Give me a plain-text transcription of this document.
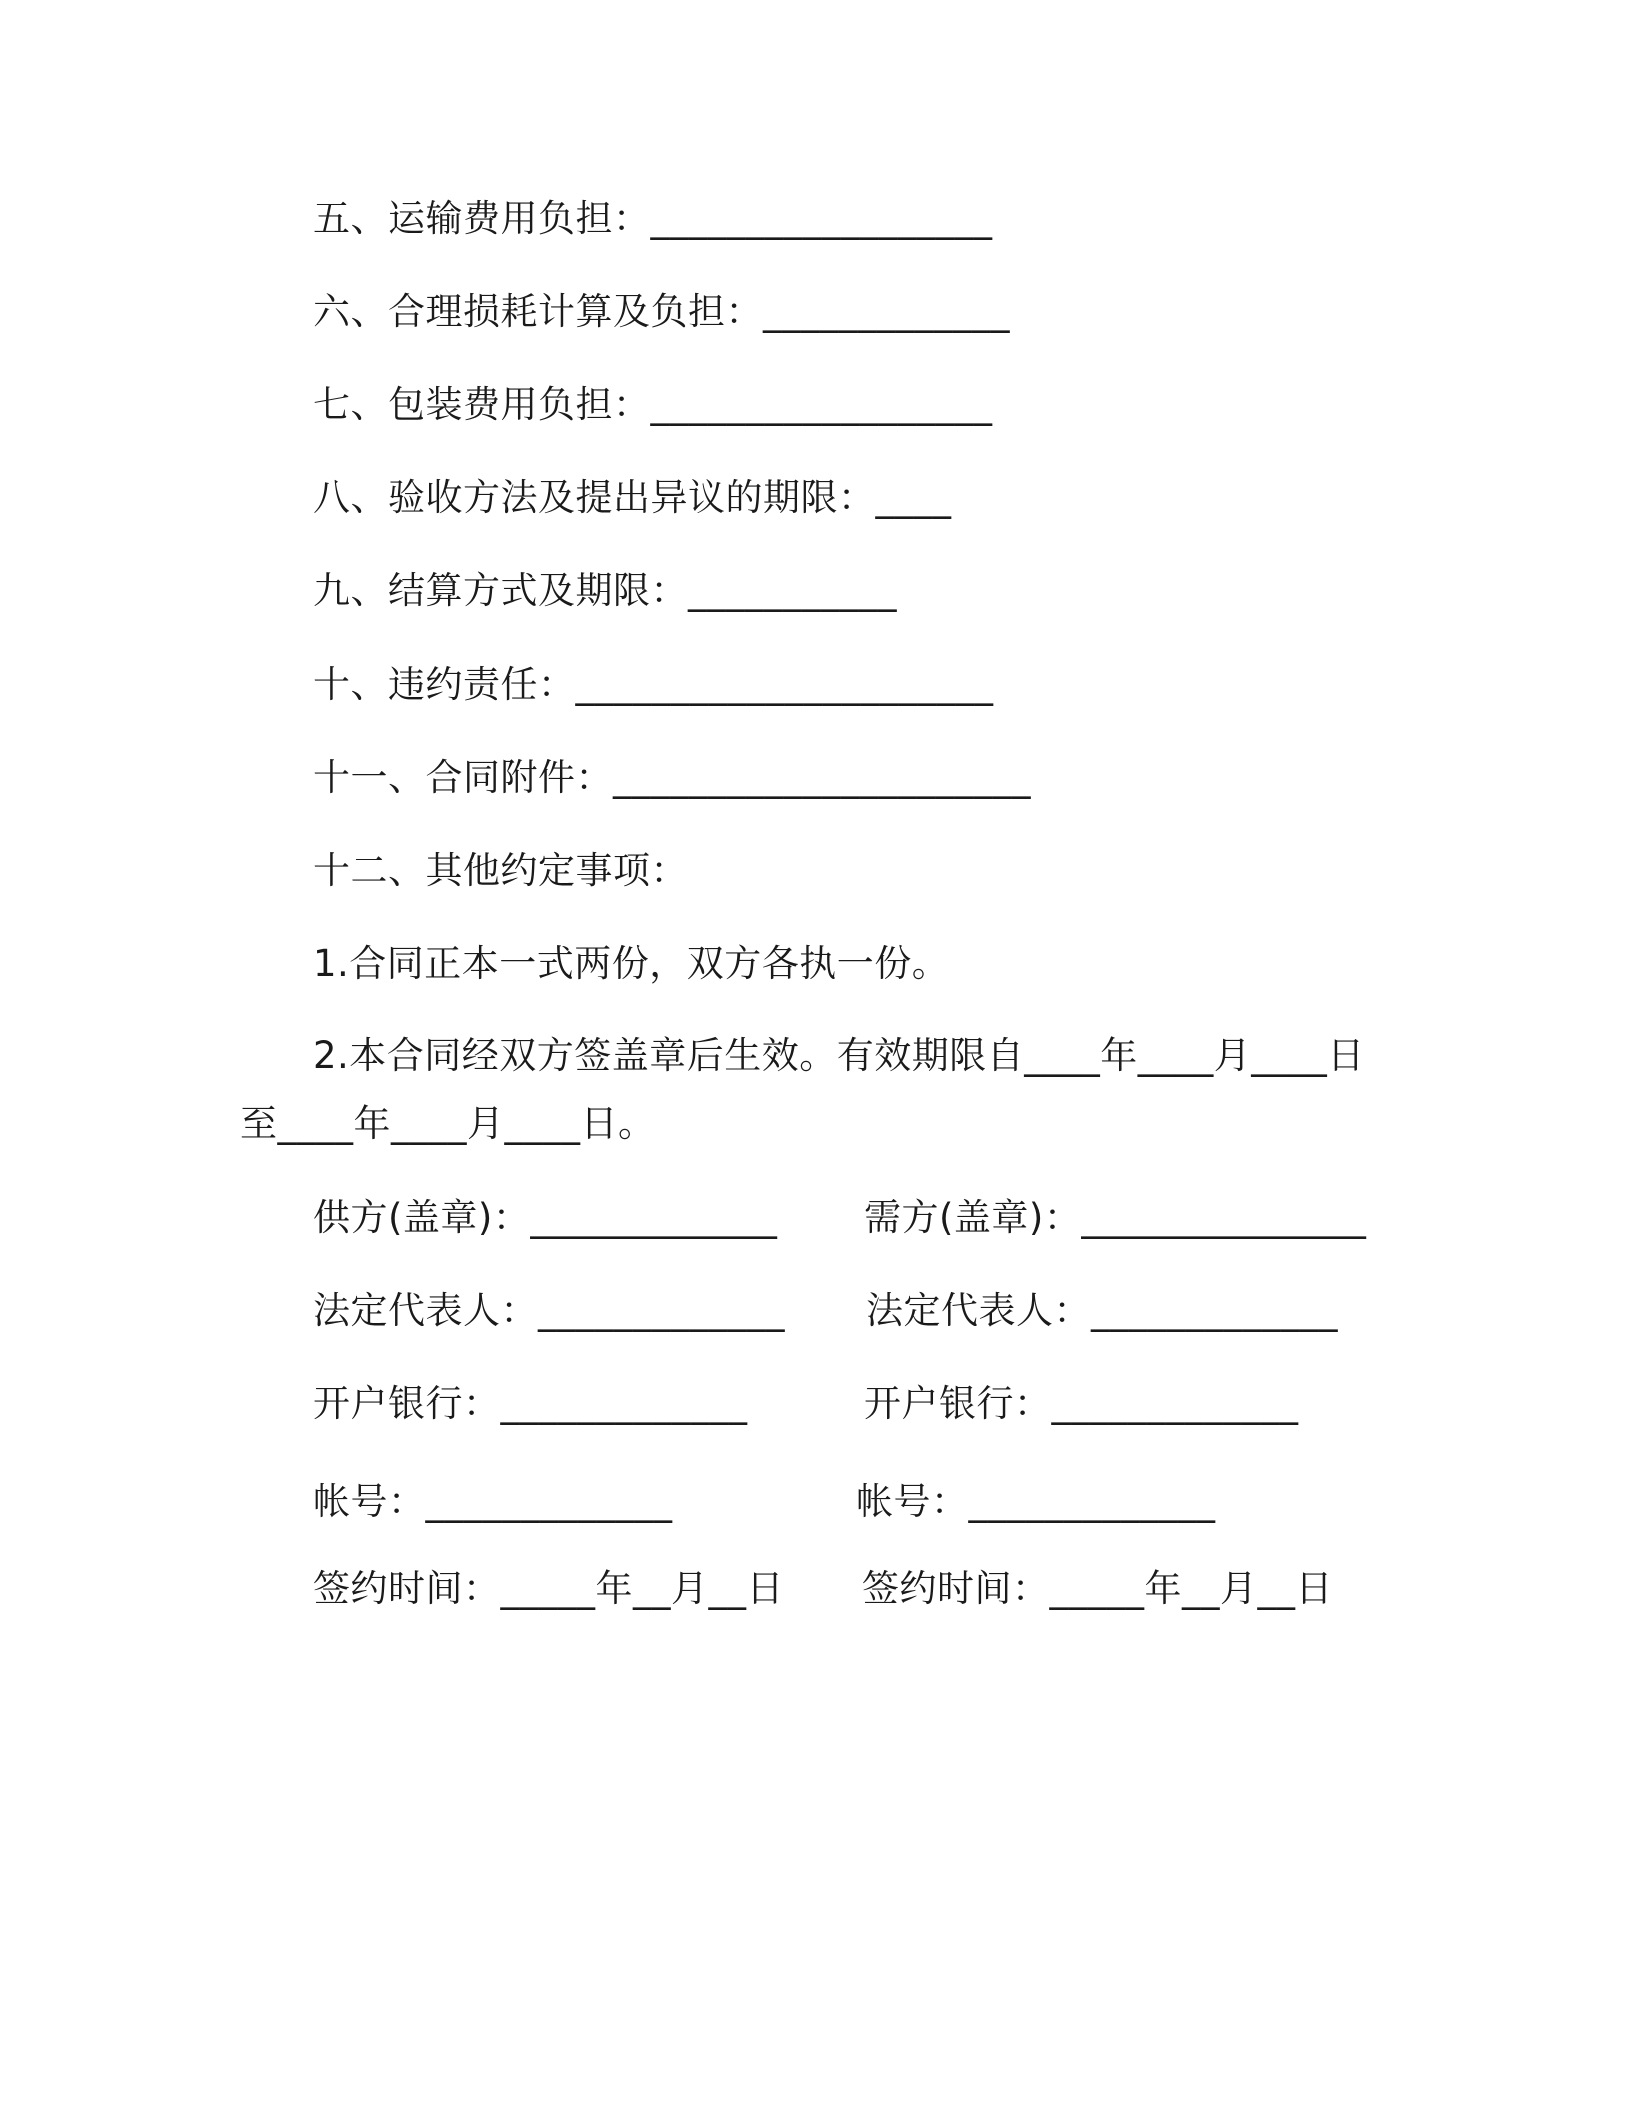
五、运输费用负担：__________________
六、合理损耗计算及负担：_____________
七、包装费用负担：__________________
八、验收方法及提出异议的期限：____
九、结算方式及期限：___________
十、违约责任：______________________
十一、合同附件：______________________
十二、其他约定事项：
1.合同正本一式两份，双方各执一份。
2.本合同经双方签盖章后生效。有效期限自____年____月____日至____年____月____日。
供方(盖章)：_____________
法定代表人：_____________
开户银行：_____________
帐号：_____________
签约时间：_____年__月__日
需方(盖章)：_______________
法定代表人：_____________
开户银行：_____________
帐号：_____________
签约时间：_____年__月__日
